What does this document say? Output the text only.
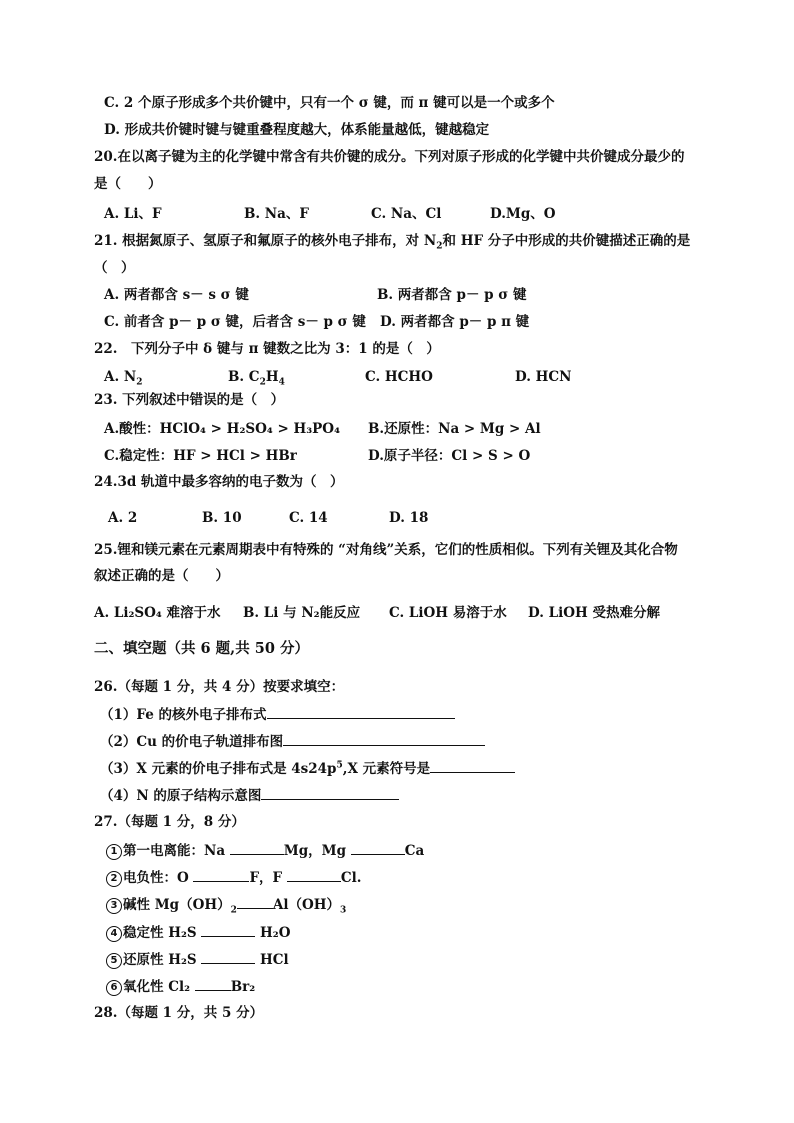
C. 2 个原子形成多个共价键中，只有一个 σ 键，而 π 键可以是一个或多个
D. 形成共价键时键与键重叠程度越大，体系能量越低，键越稳定
20.在以离子键为主的化学键中常含有共价键的成分。下列对原子形成的化学键中共价键成分最少的
是（　　）
A. Li、F	B. Na、F	C. Na、Cl	D.Mg、O
21. 根据氮原子、氢原子和氟原子的核外电子排布，对 $N_2$和 HF 分子中形成的共价键描述正确的是
（　）
A. 两者都含 s－ s σ 键	B. 两者都含 p－ p σ 键
C. 前者含 p－ p σ 键，后者含 s－ p σ 键 D. 两者都含 p－ p π 键
22.　下列分子中 δ 键与 π 键数之比为 3：1 的是（　）
A. $N_2$	B. $C_2H_4$	C. HCHO	D. HCN
23. 下列叙述中错误的是（　）
A.酸性：HClO₄ > H₂SO₄ > H₃PO₄ B.还原性：Na > Mg > Al
C.稳定性：HF > HCl > HBr	D.原子半径：Cl > S > O
24.3d 轨道中最多容纳的电子数为（　）
A. 2	B. 10	C. 14	D. 18
25.锂和镁元素在元素周期表中有特殊的 “对角线”关系，它们的性质相似。下列有关锂及其化合物
叙述正确的是（　　）
A. Li₂SO₄ 难溶于水 B. Li 与 N₂能反应 C. LiOH 易溶于水 D. LiOH 受热难分解
二、填空题（共 6 题,共 50 分）
26.（每题 1 分，共 4 分）按要求填空：
（1）Fe 的核外电子排布式
（2）Cu 的价电子轨道排布图
（3）X 元素的价电子排布式是 $4s24p^5,X$ 元素符号是
（4）N 的原子结构示意图
27.（每题 1 分，8 分）
1 第一电离能：Na	Mg，Mg	Ca
2 电负性：O	F，F	Cl.
3 碱性 $Mg(OH)_2$	$Al(OH)_3$
4 稳定性 H₂S	H₂O
5 还原性 H₂S	HCl
6 氧化性 Cl₂	Br₂
28.（每题 1 分，共 5 分）
